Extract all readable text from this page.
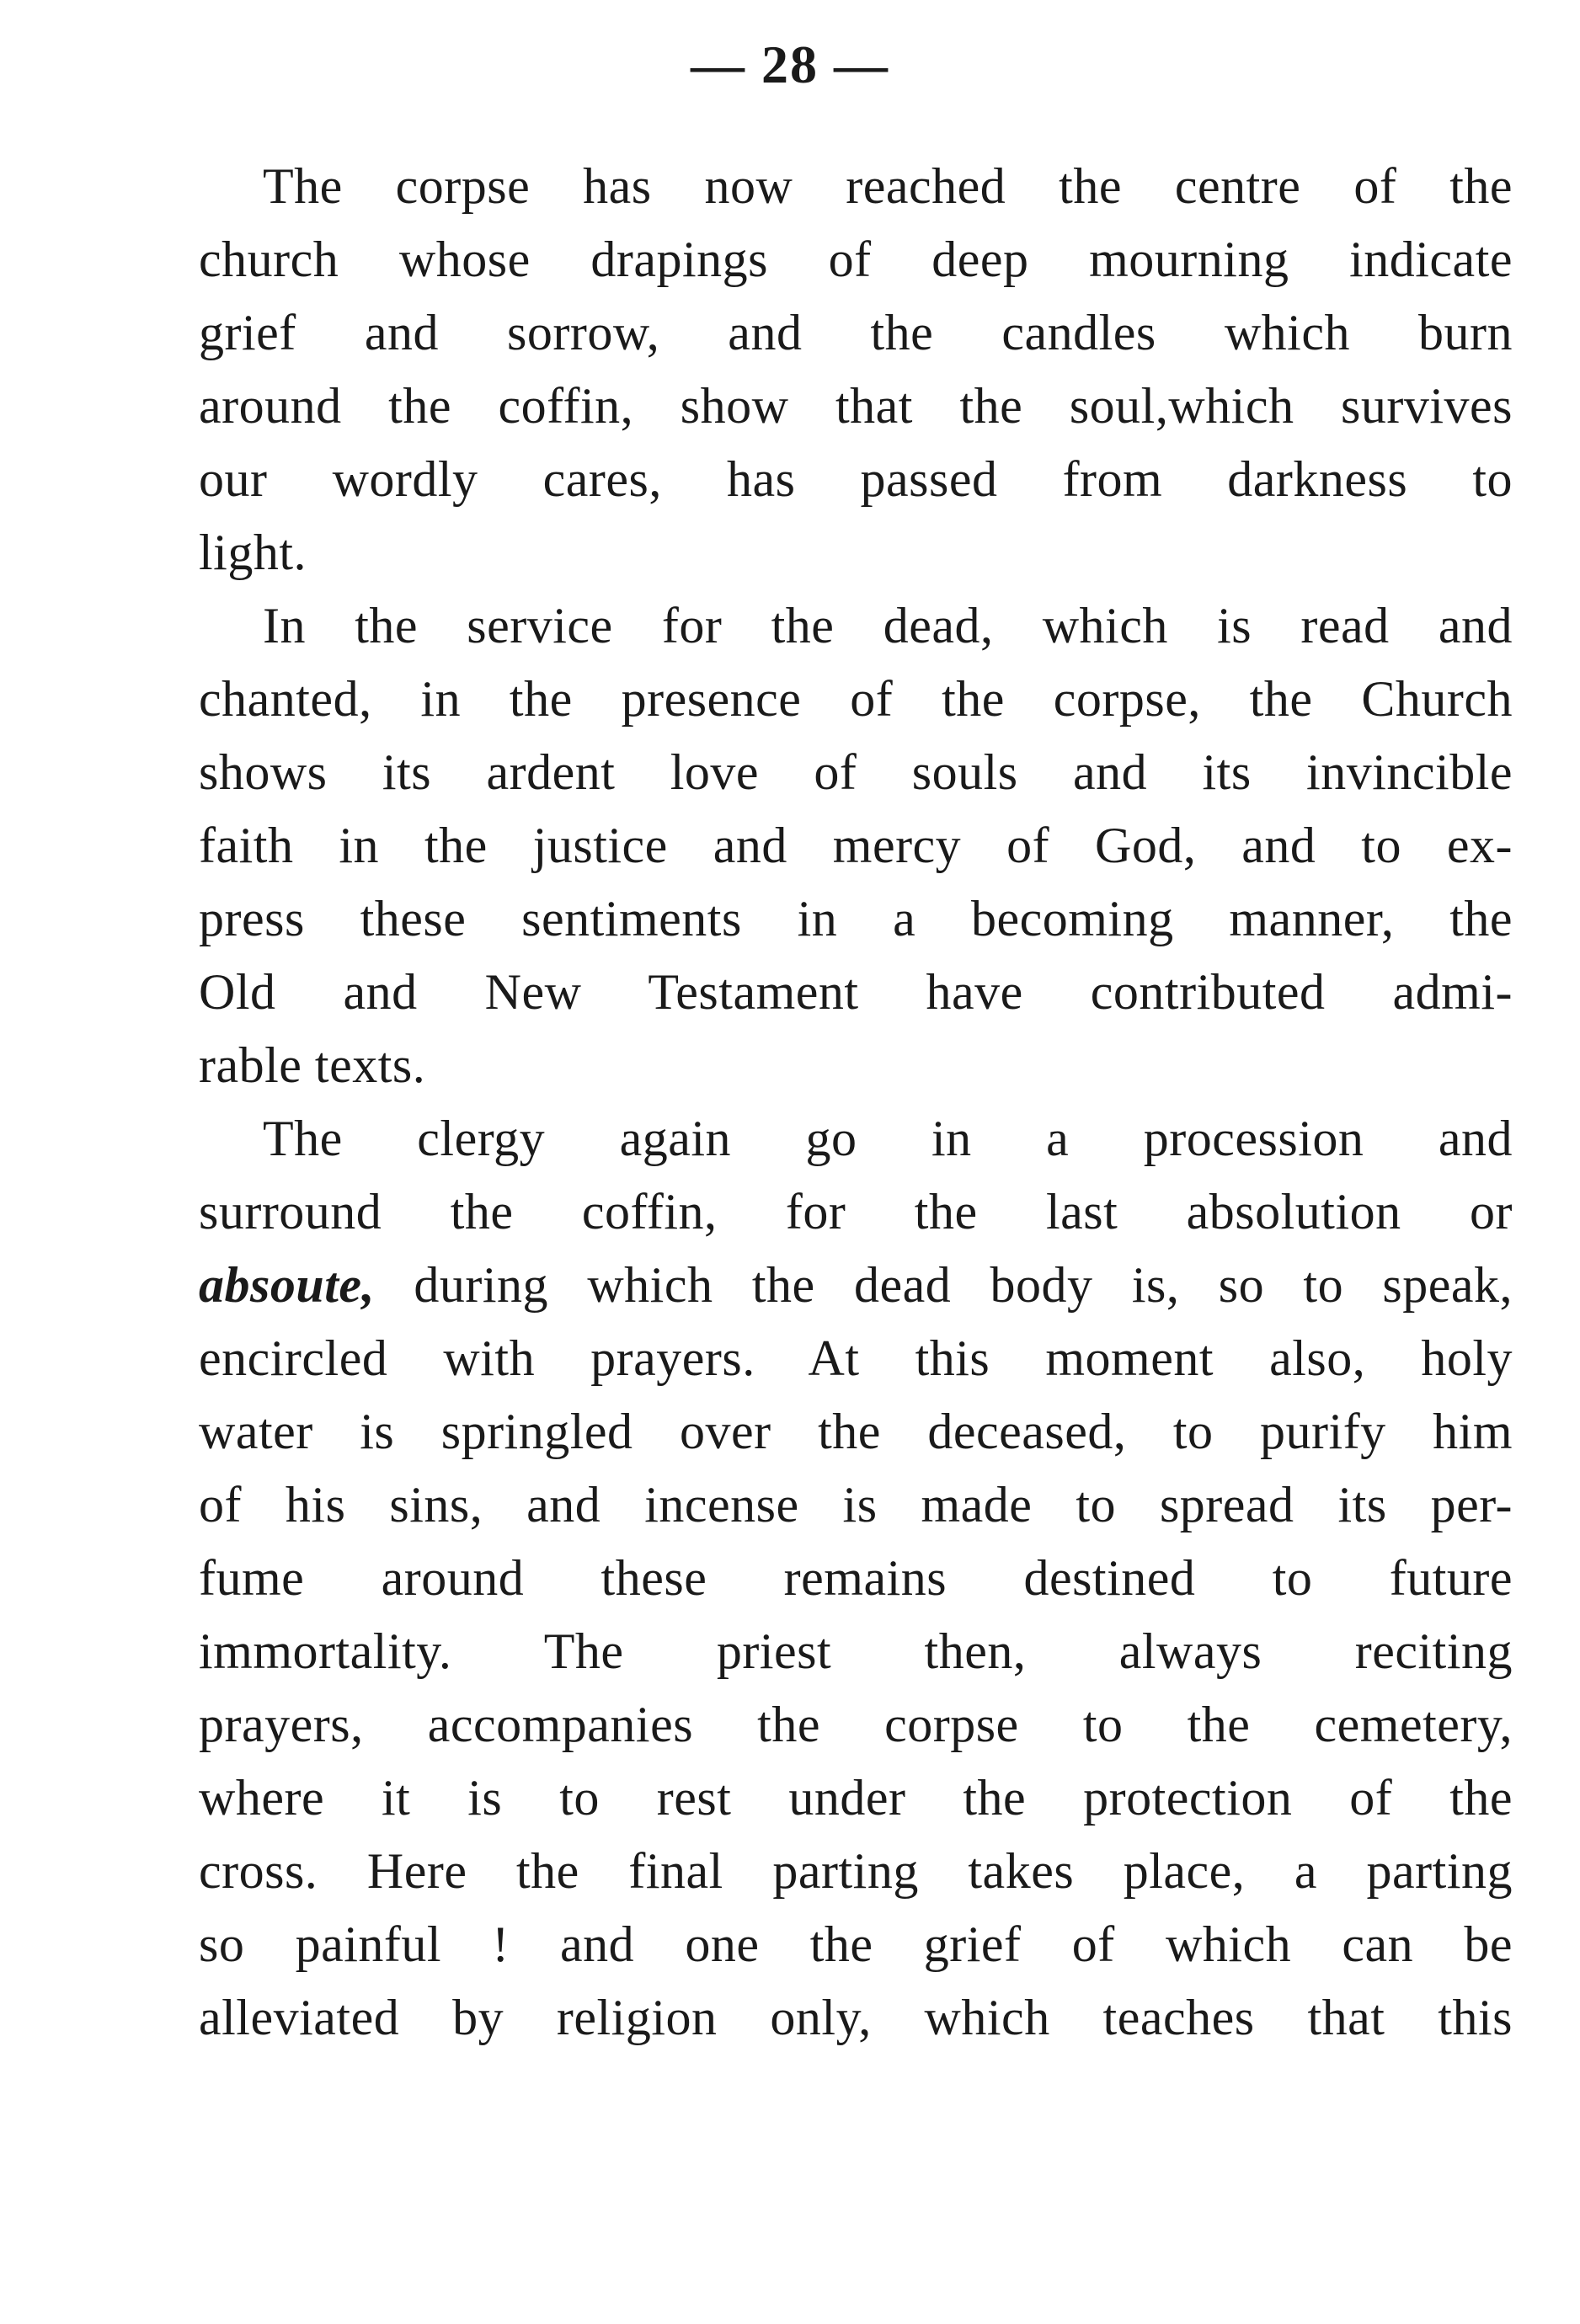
— 28 —
The corpse has now reached the centre of the
church whose drapings of deep mourning indicate
grief and sorrow, and the candles which burn
around the coffin, show that the soul,which survives
our wordly cares, has passed from darkness to
light.
In the service for the dead, which is read and
chanted, in the presence of the corpse, the Church
shows its ardent love of souls and its invincible
faith in the justice and mercy of God, and to ex-
press these sentiments in a becoming manner, the
Old and New Testament have contributed admi-
rable texts.
The clergy again go in a procession and
surround the coffin, for the last absolution or
absoute, during which the dead body is, so to speak,
encircled with prayers. At this moment also, holy
water is springled over the deceased, to purify him
of his sins, and incense is made to spread its per-
fume around these remains destined to future
immortality. The priest then, always reciting
prayers, accompanies the corpse to the cemetery,
where it is to rest under the protection of the
cross. Here the final parting takes place, a parting
so painful ! and one the grief of which can be
alleviated by religion only, which teaches that this
